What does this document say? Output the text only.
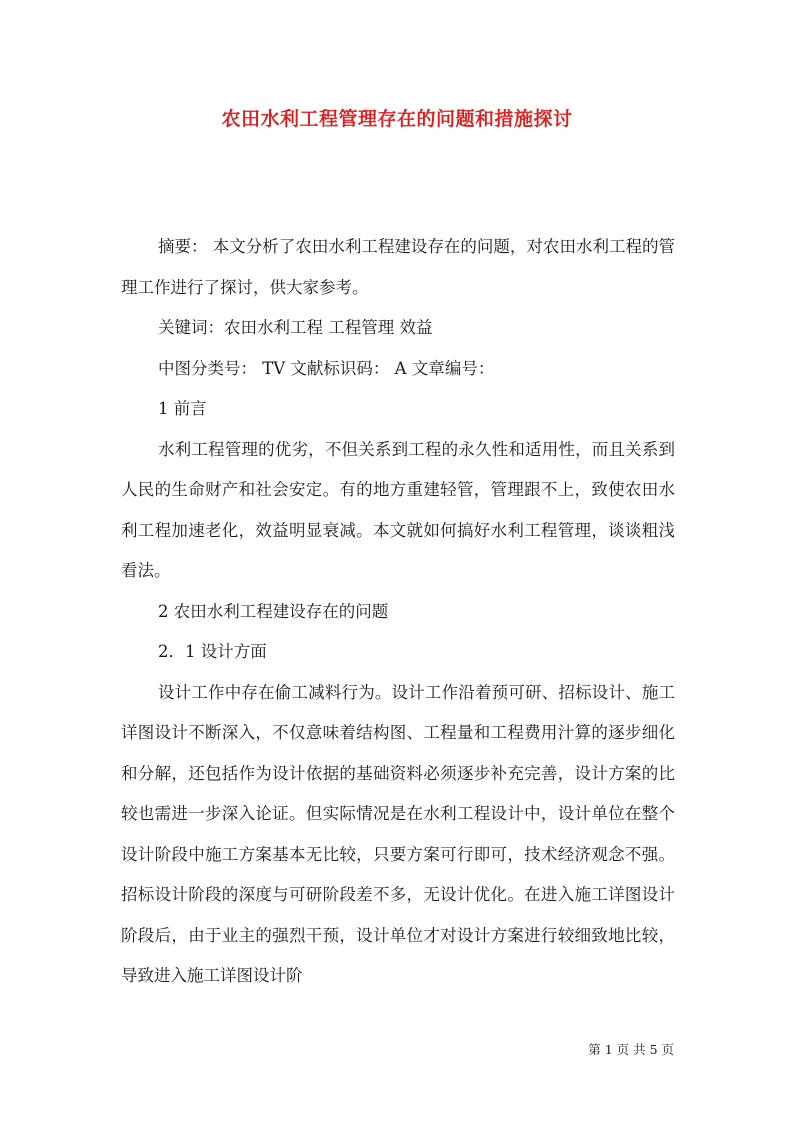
农田水利工程管理存在的问题和措施探讨

摘要： 本文分析了农田水利工程建设存在的问题，对农田水利工程的管理工作进行了探讨，供大家参考。

关键词：农田水利工程 工程管理 效益

中图分类号： TV 文献标识码： A 文章编号：

1 前言

水利工程管理的优劣，不但关系到工程的永久性和适用性，而且关系到人民的生命财产和社会安定。有的地方重建轻管，管理跟不上，致使农田水利工程加速老化，效益明显衰减。本文就如何搞好水利工程管理，谈谈粗浅看法。

2 农田水利工程建设存在的问题

2．1 设计方面

设计工作中存在偷工减料行为。设计工作沿着预可研、招标设计、施工详图设计不断深入，不仅意味着结构图、工程量和工程费用汁算的逐步细化和分解，还包括作为设计依据的基础资料必须逐步补充完善，设计方案的比较也需进一步深入论证。但实际情况是在水利工程设计中，设计单位在整个设计阶段中施工方案基本无比较，只要方案可行即可，技术经济观念不强。招标设计阶段的深度与可研阶段差不多，无设计优化。在进入施工详图设计阶段后，由于业主的强烈干预，设计单位才对设计方案进行较细致地比较，导致进入施工详图设计阶

第 1 页 共 5 页
